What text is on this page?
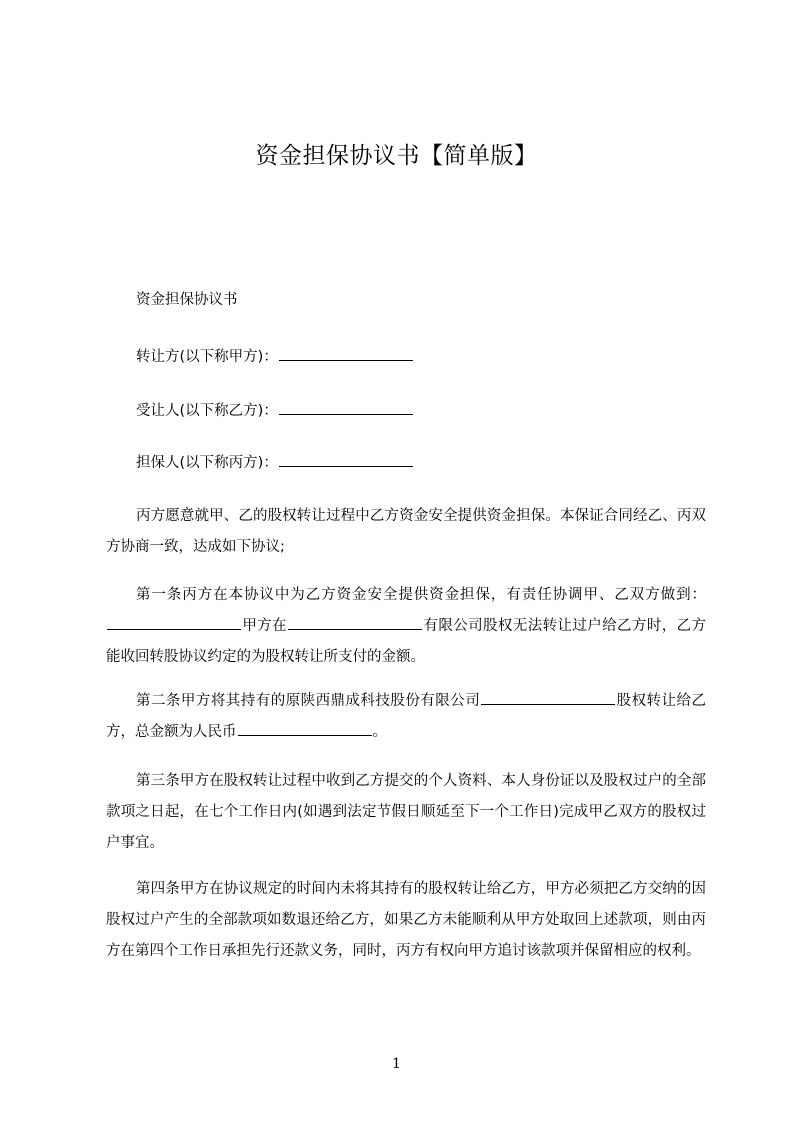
资金担保协议书【简单版】
资金担保协议书
转让方(以下称甲方)：
受让人(以下称乙方)：
担保人(以下称丙方)：
丙方愿意就甲、乙的股权转让过程中乙方资金安全提供资金担保。本保证合同经乙、丙双方协商一致，达成如下协议;
第一条丙方在本协议中为乙方资金安全提供资金担保，有责任协调甲、乙双方做到：甲方在	有限公司股权无法转让过户给乙方时，乙方能收回转股协议约定的为股权转让所支付的金额。
第二条甲方将其持有的原陕西鼎成科技股份有限公司	股权转让给乙方，总金额为人民币	。
第三条甲方在股权转让过程中收到乙方提交的个人资料、本人身份证以及股权过户的全部款项之日起，在七个工作日内(如遇到法定节假日顺延至下一个工作日)完成甲乙双方的股权过户事宜。
第四条甲方在协议规定的时间内未将其持有的股权转让给乙方，甲方必须把乙方交纳的因股权过户产生的全部款项如数退还给乙方，如果乙方未能顺利从甲方处取回上述款项，则由丙方在第四个工作日承担先行还款义务，同时，丙方有权向甲方追讨该款项并保留相应的权利。
1
